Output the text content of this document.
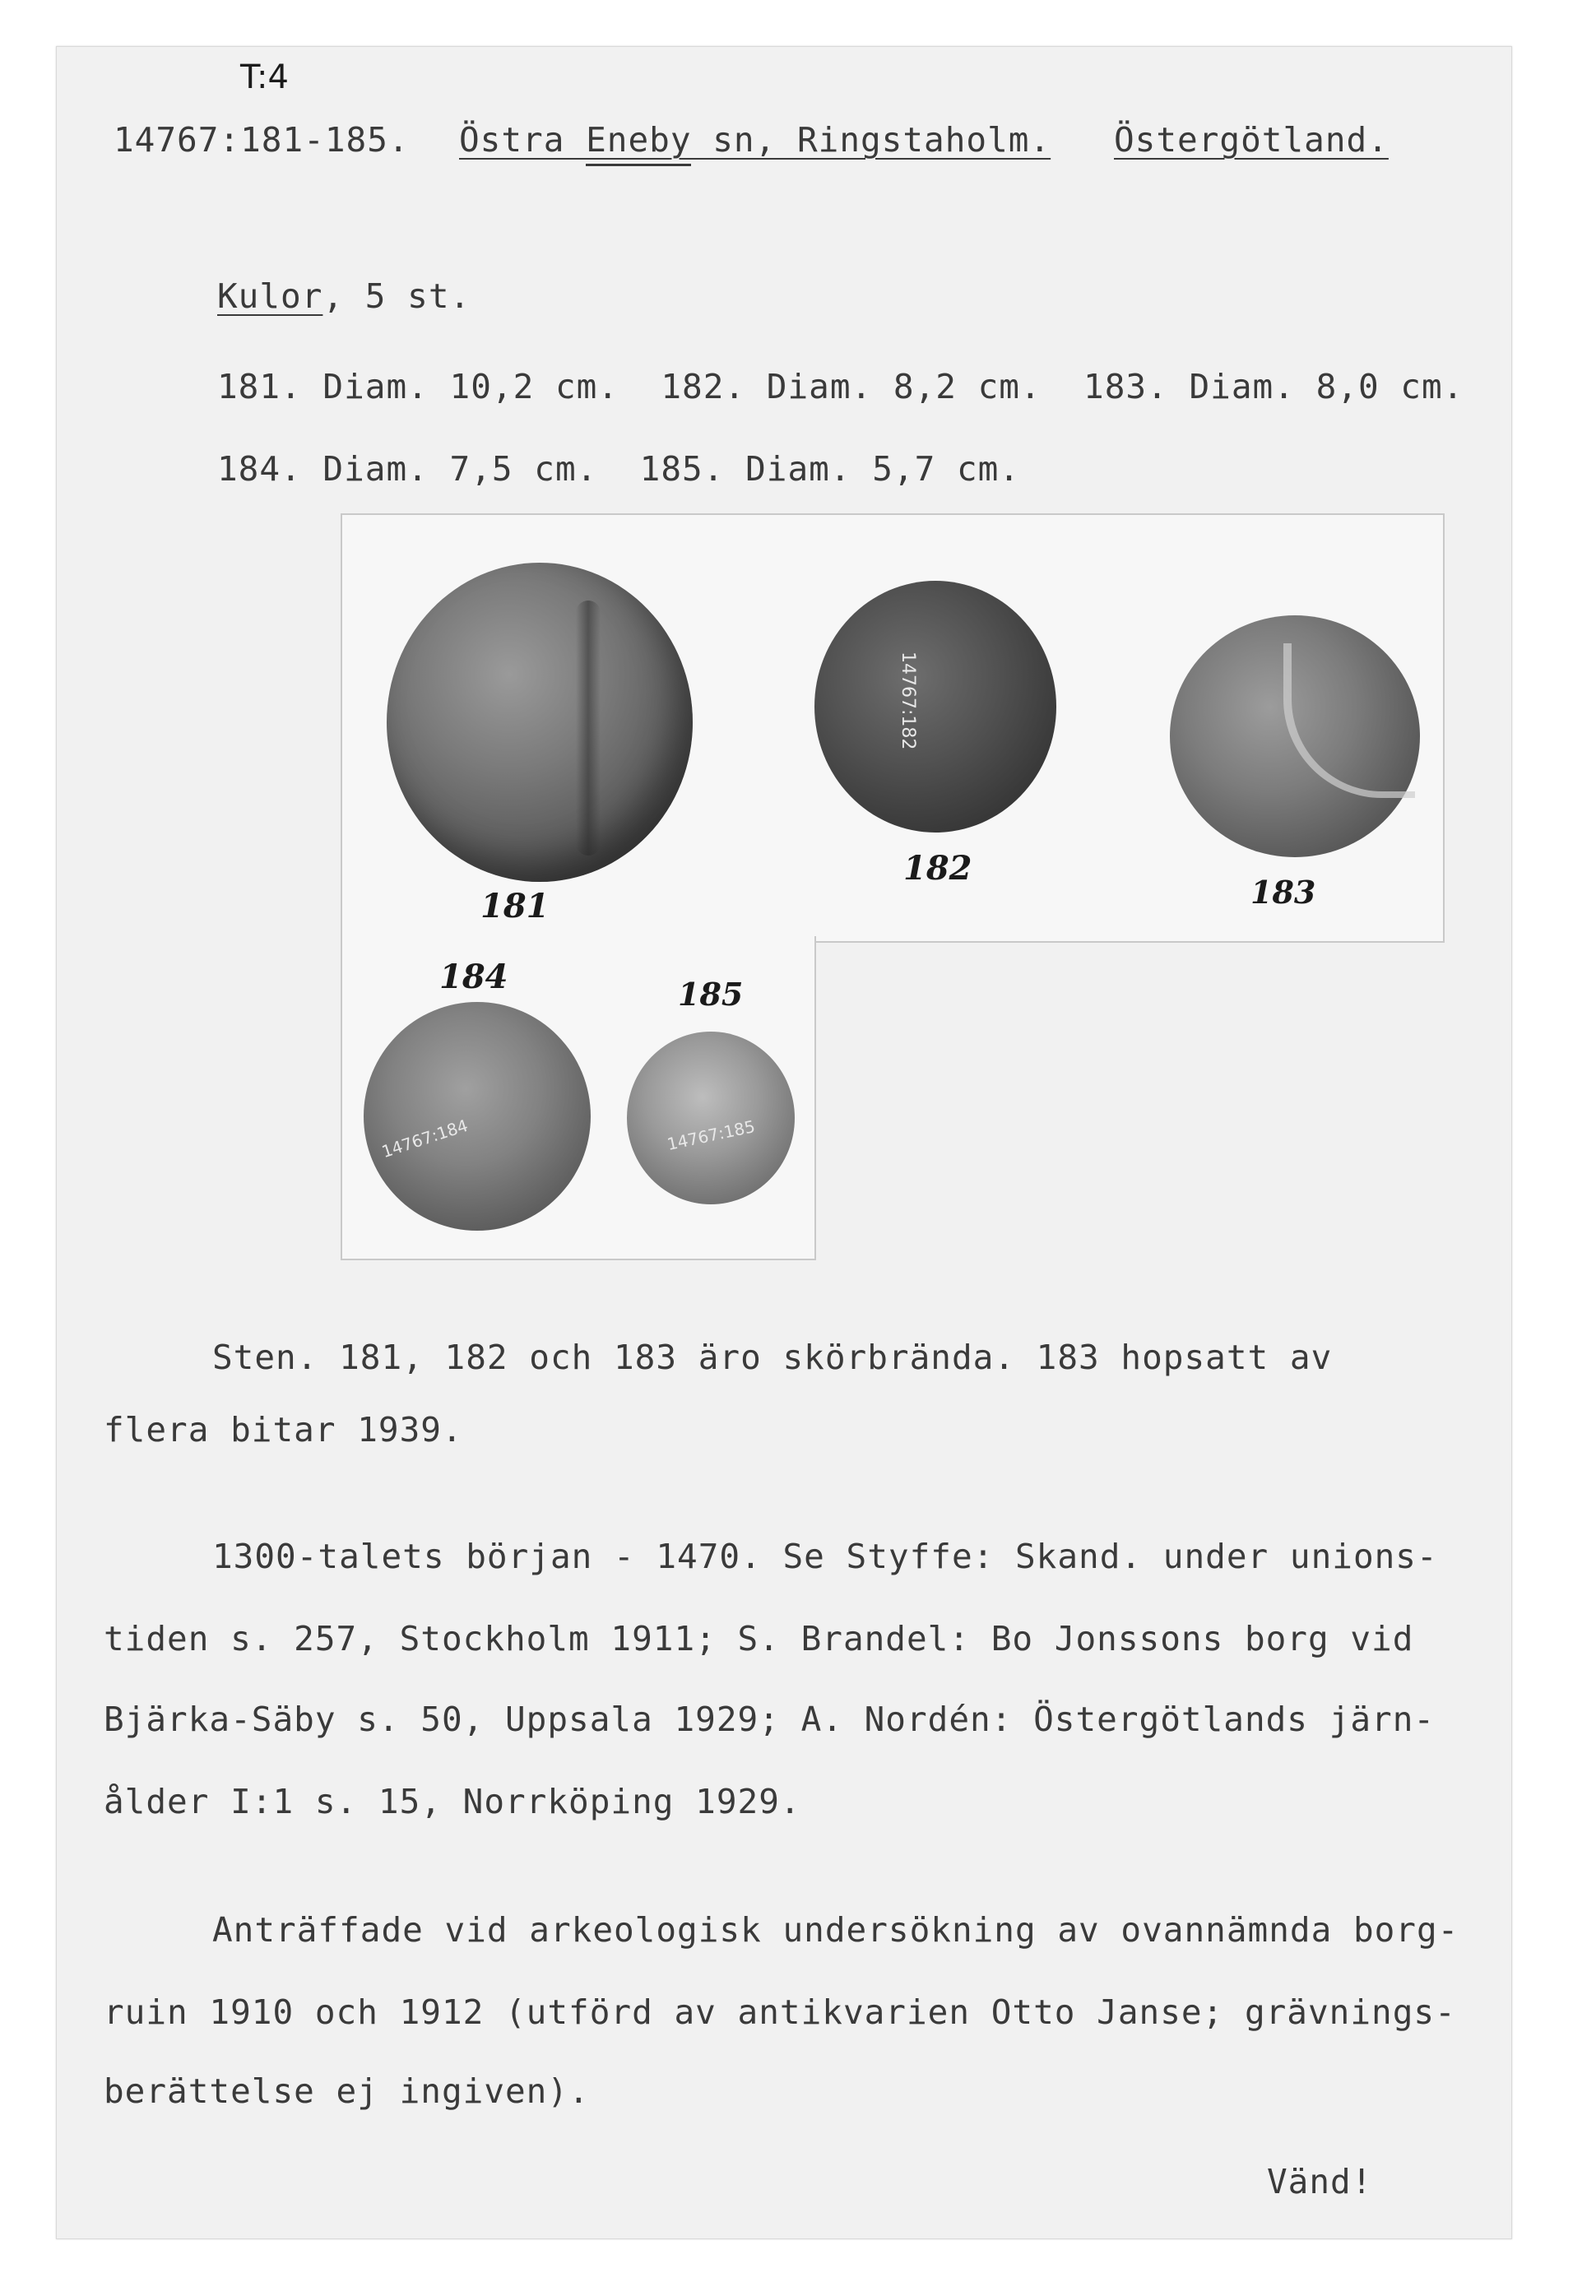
T:4
14767:181-185. Östra Eneby sn, Ringstaholm. Östergötland.
Kulor, 5 st.
181. Diam. 10,2 cm.  182. Diam. 8,2 cm.  183. Diam. 8,0 cm.
184. Diam. 7,5 cm.  185. Diam. 5,7 cm.
14767:182
14767:184	14767:185
181
182
183
184	185
Sten. 181, 182 och 183 äro skörbrända. 183 hopsatt av
flera bitar 1939.
1300-talets början - 1470. Se Styffe: Skand. under unions-
tiden s. 257, Stockholm 1911; S. Brandel: Bo Jonssons borg vid
Bjärka-Säby s. 50, Uppsala 1929; A. Nordén: Östergötlands järn-
ålder I:1 s. 15, Norrköping 1929.
Anträffade vid arkeologisk undersökning av ovannämnda borg-
ruin 1910 och 1912 (utförd av antikvarien Otto Janse; grävnings-
berättelse ej ingiven).
Vänd!
